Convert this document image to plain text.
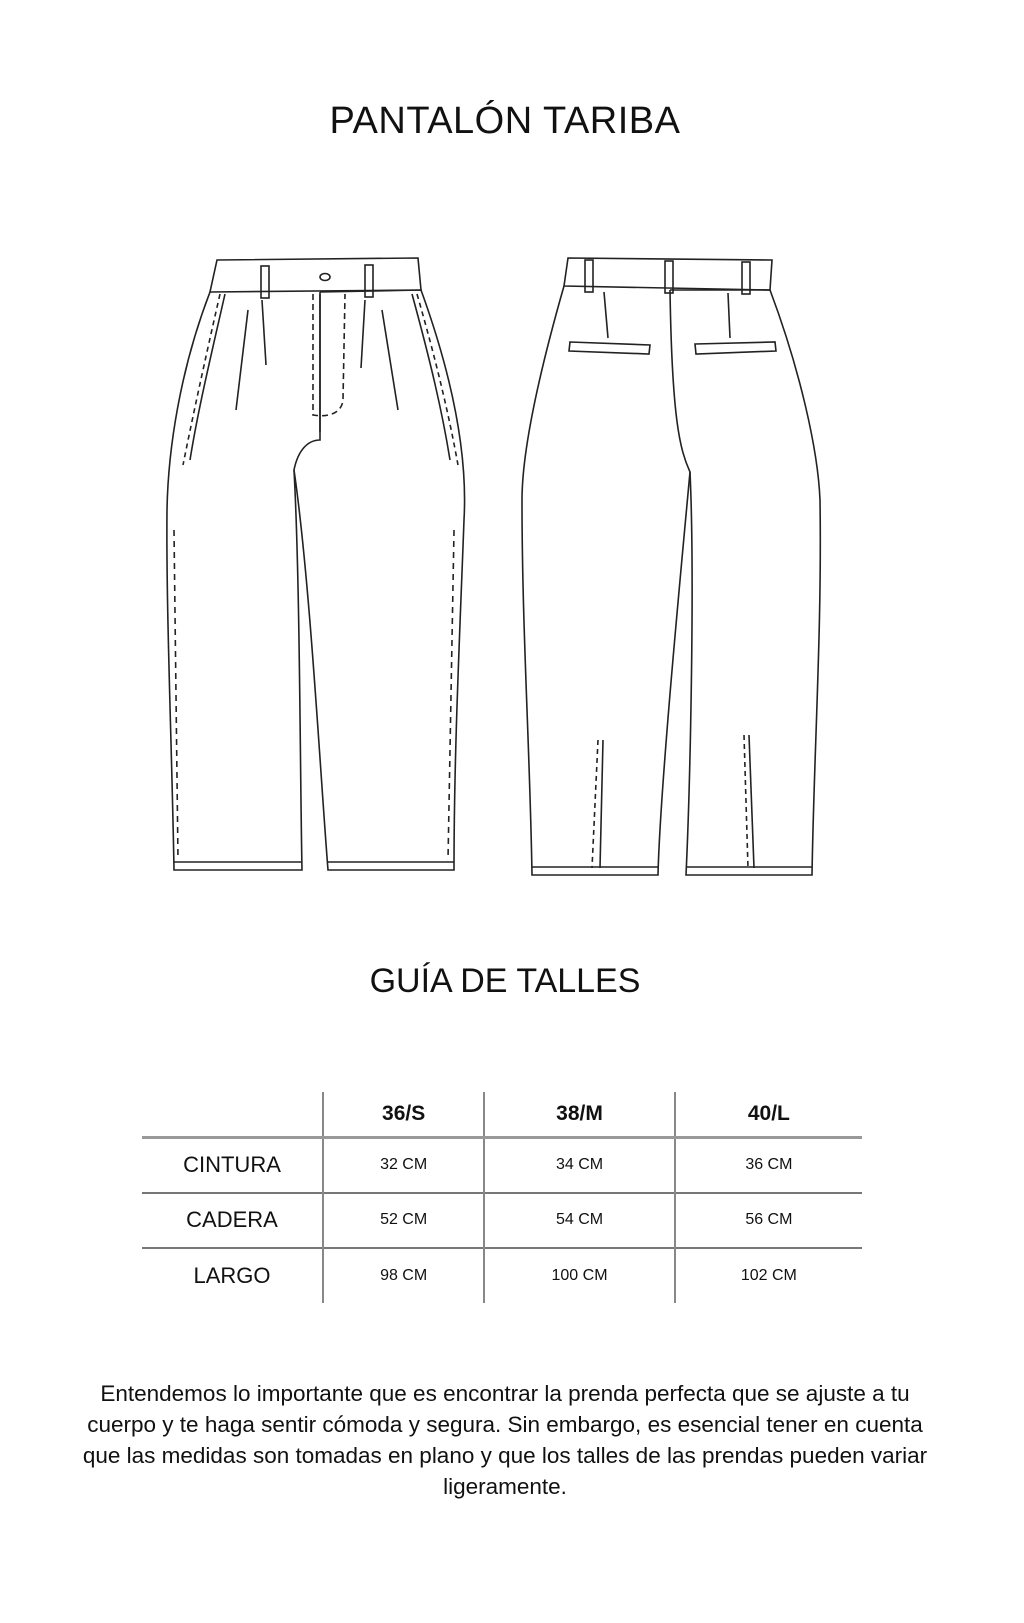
PANTALÓN TARIBA
GUÍA DE TALLES
	36/S	38/M	40/L
CINTURA	32 CM	34 CM	36 CM
CADERA	52 CM	54 CM	56 CM
LARGO	98 CM	100 CM	102 CM

Entendemos lo importante que es encontrar la prenda perfecta que se ajuste a tu cuerpo y te haga sentir cómoda y segura. Sin embargo, es esencial tener en cuenta que las medidas son tomadas en plano y que los talles de las prendas pueden variar ligeramente.
